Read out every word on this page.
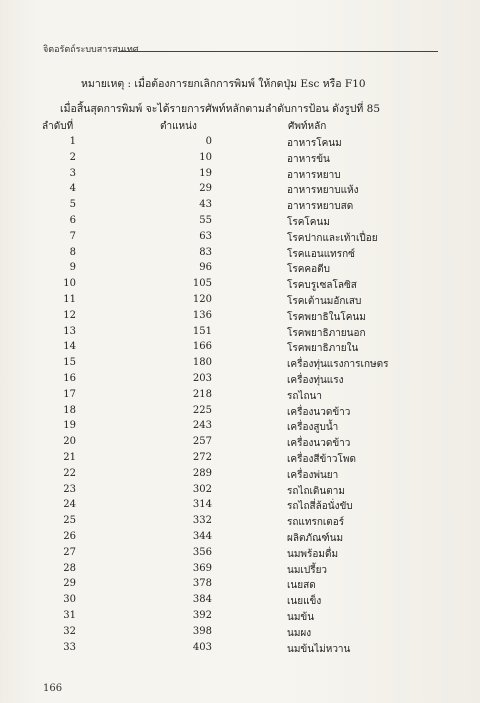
จิตอรัตถ์ระบบสารสนเทศ
หมายเหตุ : เมื่อต้องการยกเลิกการพิมพ์ ให้กดปุ่ม Esc หรือ F10
เมื่อสิ้นสุดการพิมพ์ จะได้รายการศัพท์หลักตามลำดับการป้อน ดังรูปที่ 85
ลำดับที่	ตำแหน่ง	ศัพท์หลัก
1	0	อาหารโคนม
2	10	อาหารข้น
3	19	อาหารหยาบ
4	29	อาหารหยาบแห้ง
5	43	อาหารหยาบสด
6	55	โรคโคนม
7	63	โรคปากและเท้าเปื่อย
8	83	โรคแอนแทรกซ์
9	96	โรคคอตีบ
10	105	โรคบรูเซลโลซิส
11	120	โรคเต้านมอักเสบ
12	136	โรคพยาธิในโคนม
13	151	โรคพยาธิภายนอก
14	166	โรคพยาธิภายใน
15	180	เครื่องทุ่นแรงการเกษตร
16	203	เครื่องทุ่นแรง
17	218	รถไถนา
18	225	เครื่องนวดข้าว
19	243	เครื่องสูบน้ำ
20	257	เครื่องนวดข้าว
21	272	เครื่องสีข้าวโพด
22	289	เครื่องพ่นยา
23	302	รถไถเดินตาม
24	314	รถไถสี่ล้อนั่งขับ
25	332	รถแทรกเตอร์
26	344	ผลิตภัณฑ์นม
27	356	นมพร้อมดื่ม
28	369	นมเปรี้ยว
29	378	เนยสด
30	384	เนยแข็ง
31	392	นมข้น
32	398	นมผง
33	403	นมข้นไม่หวาน
166
